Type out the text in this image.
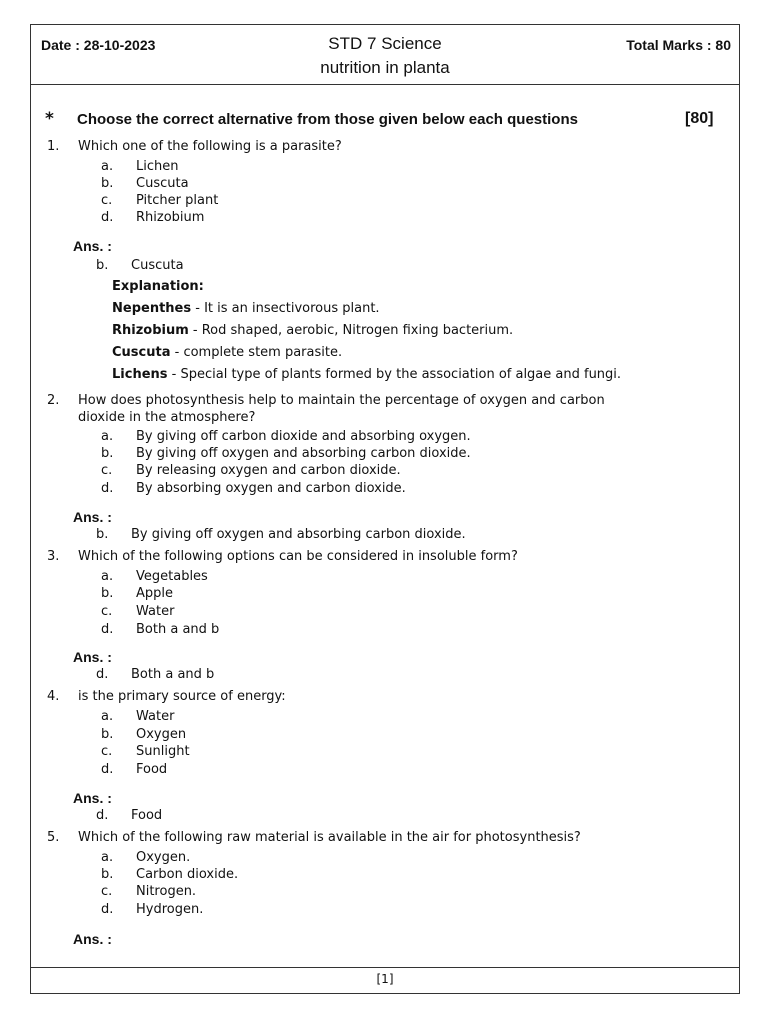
Date : 28-10-2023	STD 7 Science
nutrition in planta
Total Marks : 80
* Choose the correct alternative from those given below each questions	[80]
1. Which one of the following is a parasite?
a. Lichen
b. Cuscuta
c. Pitcher plant
d. Rhizobium
Ans. :
b. Cuscuta
Explanation:
Nepenthes - It is an insectivorous plant.
Rhizobium - Rod shaped, aerobic, Nitrogen fixing bacterium.
Cuscuta - complete stem parasite.
Lichens - Special type of plants formed by the association of algae and fungi.
2. How does photosynthesis help to maintain the percentage of oxygen and carbon
dioxide in the atmosphere?
a. By giving off carbon dioxide and absorbing oxygen.
b. By giving off oxygen and absorbing carbon dioxide.
c. By releasing oxygen and carbon dioxide.
d. By absorbing oxygen and carbon dioxide.
Ans. :
b. By giving off oxygen and absorbing carbon dioxide.
3. Which of the following options can be considered in insoluble form?
a. Vegetables
b. Apple
c. Water
d. Both a and b
Ans. :
d. Both a and b
4. is the primary source of energy:
a. Water
b. Oxygen
c. Sunlight
d. Food
Ans. :
d. Food
5. Which of the following raw material is available in the air for photosynthesis?
a. Oxygen.
b. Carbon dioxide.
c. Nitrogen.
d. Hydrogen.
Ans. :
[1]
